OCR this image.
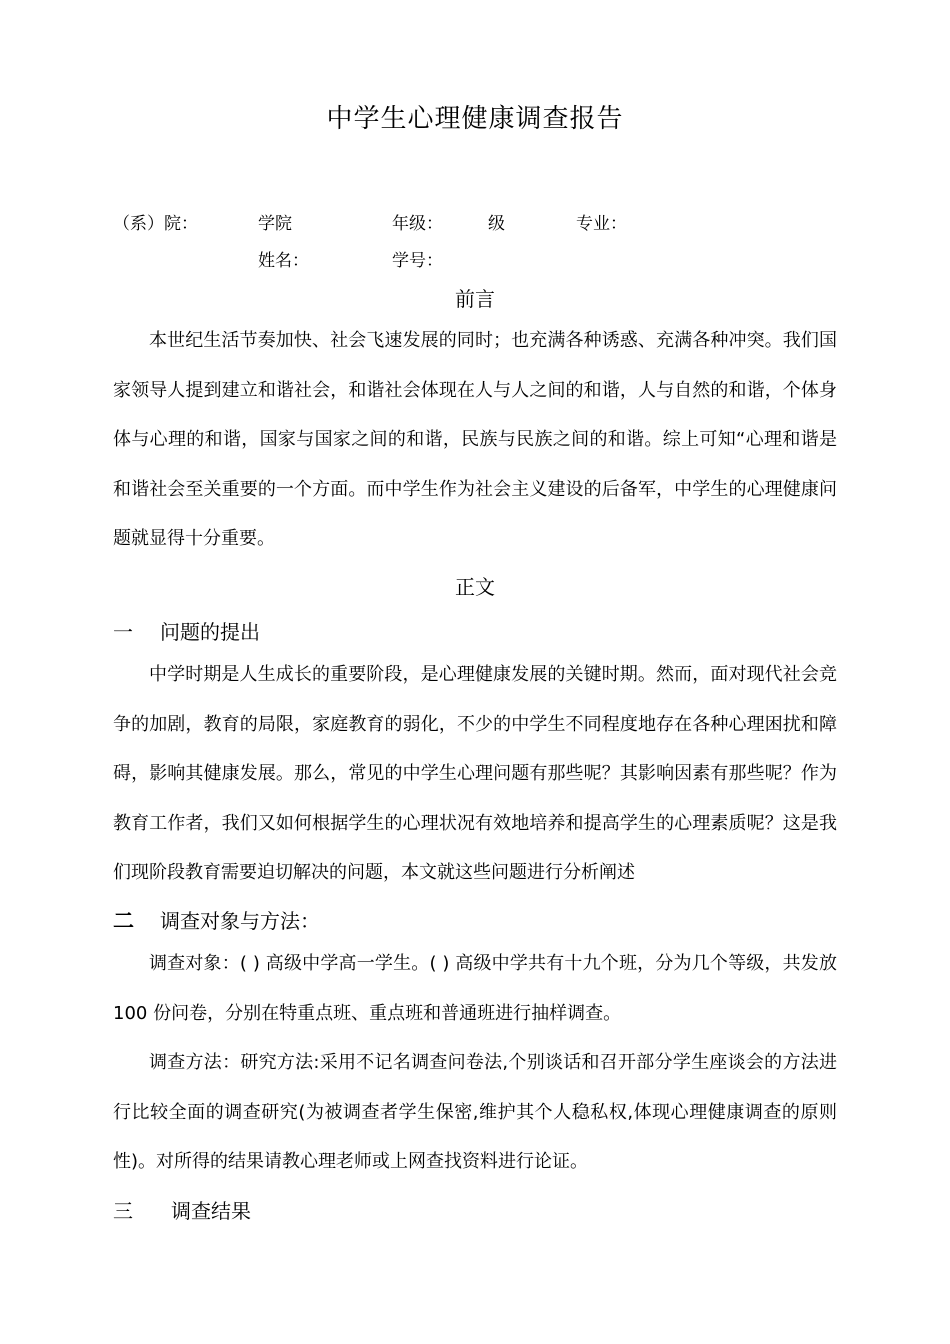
中学生心理健康调查报告
（系）院：	学院	年级：	级	专业：
姓名：	学号：
前言

本世纪生活节奏加快、社会飞速发展的同时；也充满各种诱惑、充满各种冲突。我们国家领导人提到建立和谐社会，和谐社会体现在人与人之间的和谐，人与自然的和谐，个体身体与心理的和谐，国家与国家之间的和谐，民族与民族之间的和谐。综上可知“心理和谐是和谐社会至关重要的一个方面。而中学生作为社会主义建设的后备军，中学生的心理健康问题就显得十分重要。

正文
一 问题的提出

中学时期是人生成长的重要阶段，是心理健康发展的关键时期。然而，面对现代社会竞争的加剧，教育的局限，家庭教育的弱化，不少的中学生不同程度地存在各种心理困扰和障碍，影响其健康发展。那么，常见的中学生心理问题有那些呢？其影响因素有那些呢？作为教育工作者，我们又如何根据学生的心理状况有效地培养和提高学生的心理素质呢？这是我们现阶段教育需要迫切解决的问题，本文就这些问题进行分析阐述

二 调查对象与方法：

调查对象：( ) 高级中学高一学生。( ) 高级中学共有十九个班，分为几个等级，共发放 100 份问卷，分别在特重点班、重点班和普通班进行抽样调查。

调查方法：研究方法:采用不记名调查问卷法,个别谈话和召开部分学生座谈会的方法进行比较全面的调查研究(为被调查者学生保密,维护其个人稳私权,体现心理健康调查的原则性)。对所得的结果请教心理老师或上网查找资料进行论证。

三 调查结果
